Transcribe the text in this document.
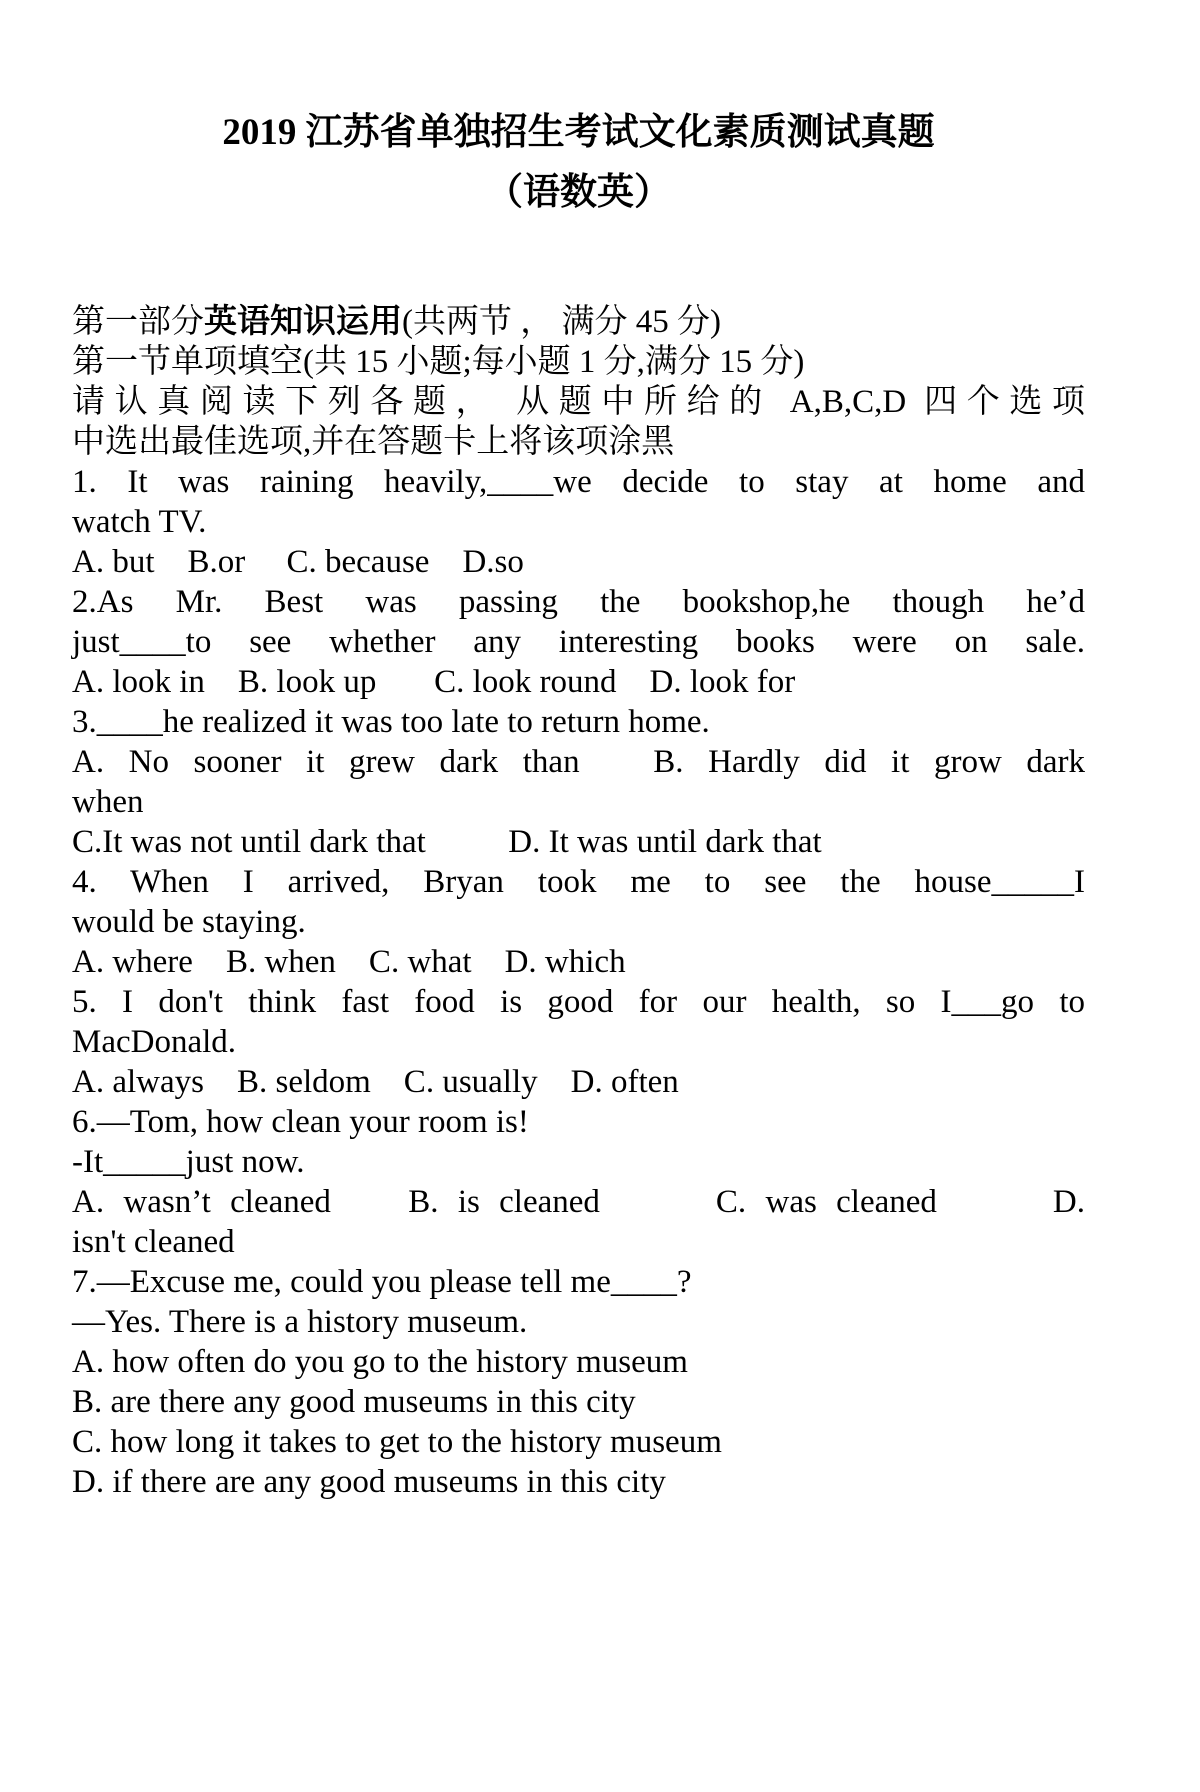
2019 江苏省单独招生考试文化素质测试真题
（语数英）

第一部分英语知识运用(共两节 ， 满分 45 分)

第一节单项填空(共 15 小题;每小题 1 分,满分 15 分)

请认真阅读下列各题， 从题中所给的 A,B,C,D 四个选项

中选出最佳选项,并在答题卡上将该项涂黑

1. It was raining heavily,____we decide to stay at home and

watch TV.

A. but    B.or     C. because    D.so

2.As Mr. Best was passing the bookshop,he though he’d

just____to see whether any interesting books were on sale.

A. look in    B. look up       C. look round    D. look for

3.____he realized it was too late to return home.

A. No sooner it grew dark than   B. Hardly did it grow dark

when

C.It was not until dark that          D. It was until dark that

4. When I arrived, Bryan took me to see the house_____I

would be staying.

A. where    B. when    C. what    D. which

5. I don't think fast food is good for our health, so I___go to

MacDonald.

A. always    B. seldom    C. usually    D. often

6.—Tom, how clean your room is!

-It_____just now.

A. wasn’t cleaned    B. is cleaned      C. was cleaned      D.

isn't cleaned

7.—Excuse me, could you please tell me____?

—Yes. There is a history museum.

A. how often do you go to the history museum

B. are there any good museums in this city

C. how long it takes to get to the history museum

D. if there are any good museums in this city
